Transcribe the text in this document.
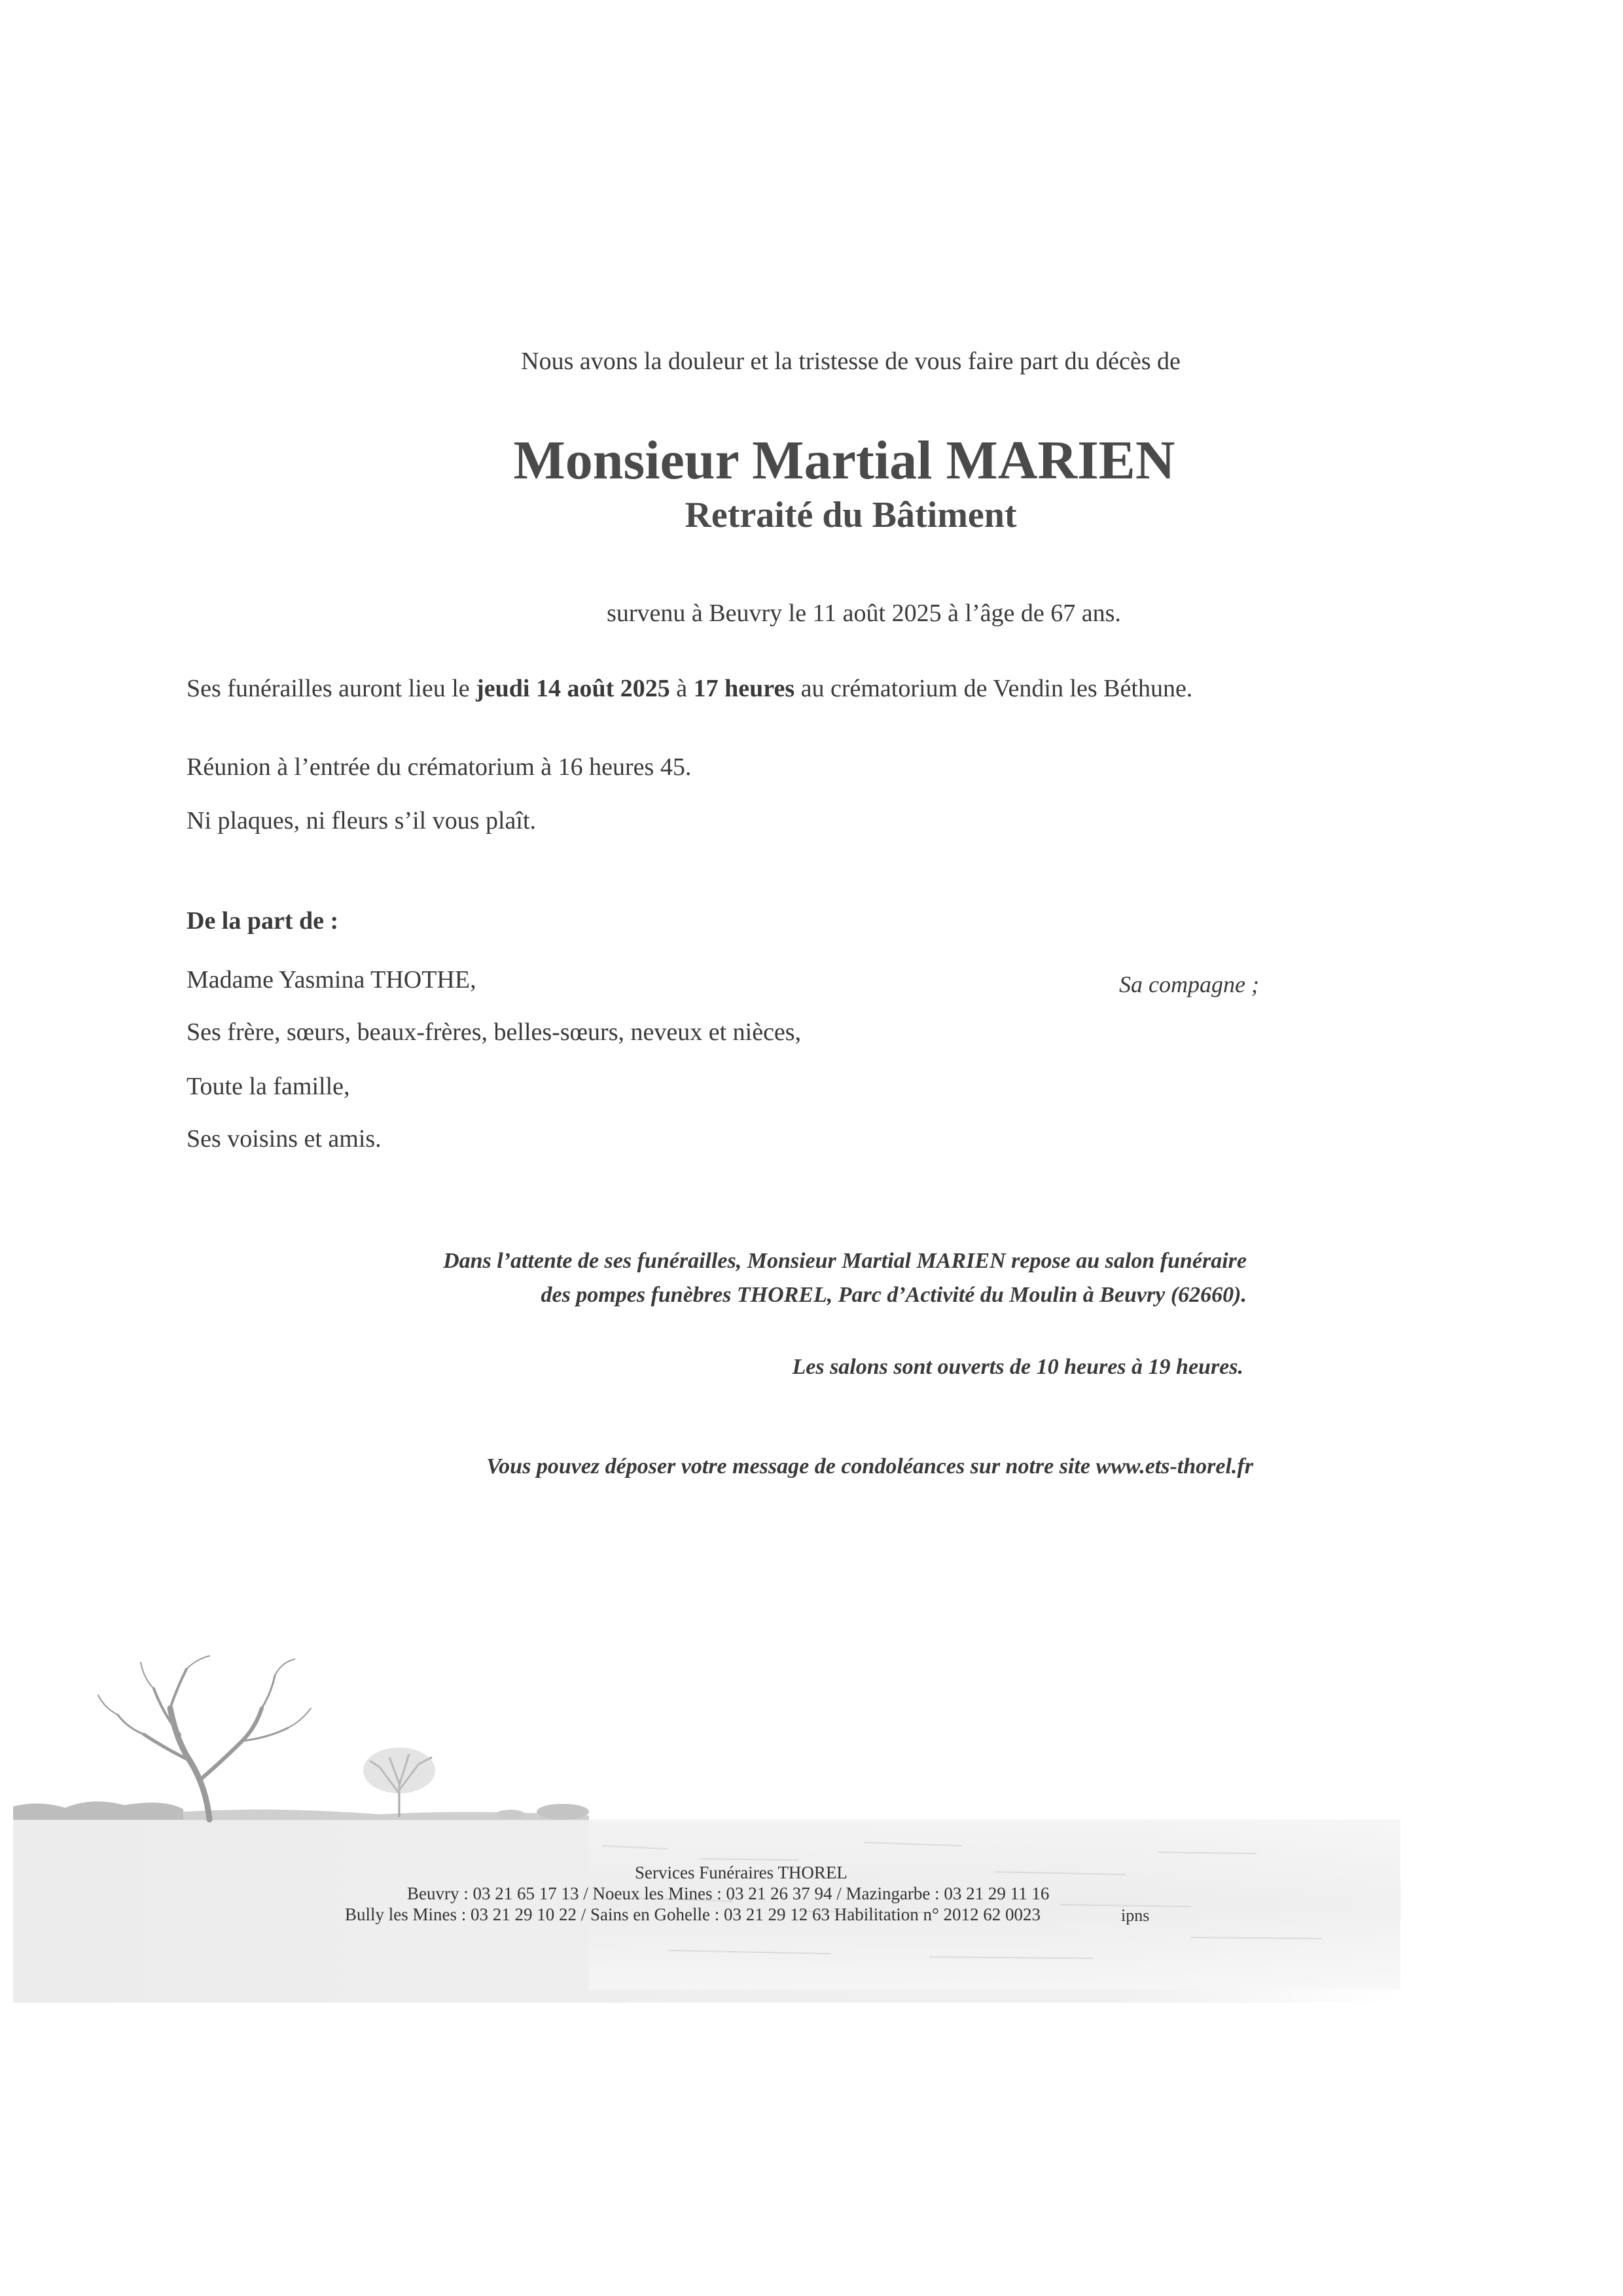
Nous avons la douleur et la tristesse de vous faire part du décès de
Monsieur Martial MARIEN
Retraité du Bâtiment
survenu à Beuvry le 11 août 2025 à l’âge de 67 ans.
Ses funérailles auront lieu le jeudi 14 août 2025 à 17 heures au crématorium de Vendin les Béthune.
Réunion à l’entrée du crématorium à 16 heures 45.
Ni plaques, ni fleurs s’il vous plaît.
De la part de :
Madame Yasmina THOTHE,
Ses frère, sœurs, beaux-frères, belles-sœurs, neveux et nièces,
Toute la famille,
Ses voisins et amis.
Sa compagne ;
Dans l’attente de ses funérailles, Monsieur Martial MARIEN repose au salon funéraire
des pompes funèbres THOREL, Parc d’Activité du Moulin à Beuvry (62660).
Les salons sont ouverts de 10 heures à 19 heures.
Vous pouvez déposer votre message de condoléances sur notre site www.ets-thorel.fr
Services Funéraires THOREL
Beuvry : 03 21 65 17 13 / Noeux les Mines : 03 21 26 37 94 / Mazingarbe : 03 21 29 11 16
Bully les Mines : 03 21 29 10 22 / Sains en Gohelle : 03 21 29 12 63 Habilitation n° 2012 62 0023	ipns
